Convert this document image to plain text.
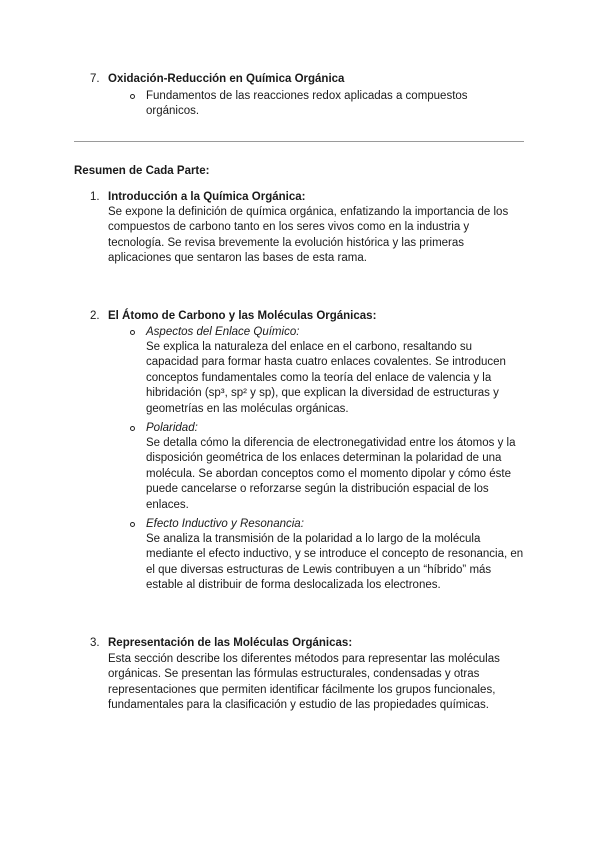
7. Oxidación-Reducción en Química Orgánica
Fundamentos de las reacciones redox aplicadas a compuestos orgánicos.
Resumen de Cada Parte:
1. Introducción a la Química Orgánica:
Se expone la definición de química orgánica, enfatizando la importancia de los compuestos de carbono tanto en los seres vivos como en la industria y tecnología. Se revisa brevemente la evolución histórica y las primeras aplicaciones que sentaron las bases de esta rama.
2. El Átomo de Carbono y las Moléculas Orgánicas:
Aspectos del Enlace Químico:
Se explica la naturaleza del enlace en el carbono, resaltando su capacidad para formar hasta cuatro enlaces covalentes. Se introducen conceptos fundamentales como la teoría del enlace de valencia y la hibridación (sp³, sp² y sp), que explican la diversidad de estructuras y geometrías en las moléculas orgánicas.
Polaridad:
Se detalla cómo la diferencia de electronegatividad entre los átomos y la disposición geométrica de los enlaces determinan la polaridad de una molécula. Se abordan conceptos como el momento dipolar y cómo éste puede cancelarse o reforzarse según la distribución espacial de los enlaces.
Efecto Inductivo y Resonancia:
Se analiza la transmisión de la polaridad a lo largo de la molécula mediante el efecto inductivo, y se introduce el concepto de resonancia, en el que diversas estructuras de Lewis contribuyen a un “híbrido” más estable al distribuir de forma deslocalizada los electrones.
3. Representación de las Moléculas Orgánicas:
Esta sección describe los diferentes métodos para representar las moléculas orgánicas. Se presentan las fórmulas estructurales, condensadas y otras representaciones que permiten identificar fácilmente los grupos funcionales, fundamentales para la clasificación y estudio de las propiedades químicas.
